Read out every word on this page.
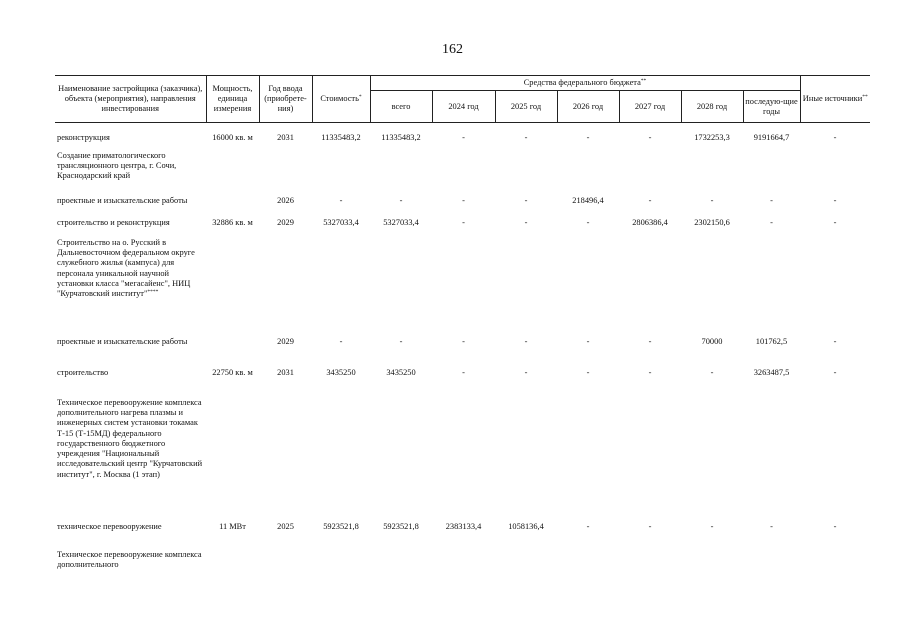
162
Наименование застройщика (заказчика), объекта (мероприятия), направления инвестирования	Мощность, единица измерения	Год ввода (приобрете-ния)	Стоимость*	Средства федерального бюджета**							Иные источники**
				всего	2024 год	2025 год	2026 год	2027 год	2028 год	последую-щие годы	
реконструкция	16000 кв. м	2031	11335483,2	11335483,2	-	-	-	-	1732253,3	9191664,7	-
Создание приматологического трансляционного центра, г. Сочи, Краснодарский край											
проектные и изыскательские работы		2026	-	-	-	-	218496,4	-	-	-	-
строительство и реконструкция	32886 кв. м	2029	5327033,4	5327033,4	-	-	-	2806386,4	2302150,6	-	-
Строительство на о. Русский в Дальневосточном федеральном округе служебного жилья (кампуса) для персонала уникальной научной установки класса "мегасайенс", НИЦ "Курчатовский институт"****											
проектные и изыскательские работы		2029	-	-	-	-	-	-	70000	101762,5	-
строительство	22750 кв. м	2031	3435250	3435250	-	-	-	-	-	3263487,5	-
Техническое перевооружение комплекса дополнительного нагрева плазмы и инженерных систем установки токамак Т-15 (Т-15МД) федерального государственного бюджетного учреждения "Национальный исследовательский центр "Курчатовский институт", г. Москва (1 этап)											
техническое перевооружение	11 МВт	2025	5923521,8	5923521,8	2383133,4	1058136,4	-	-	-	-	-
Техническое перевооружение комплекса дополнительного											
